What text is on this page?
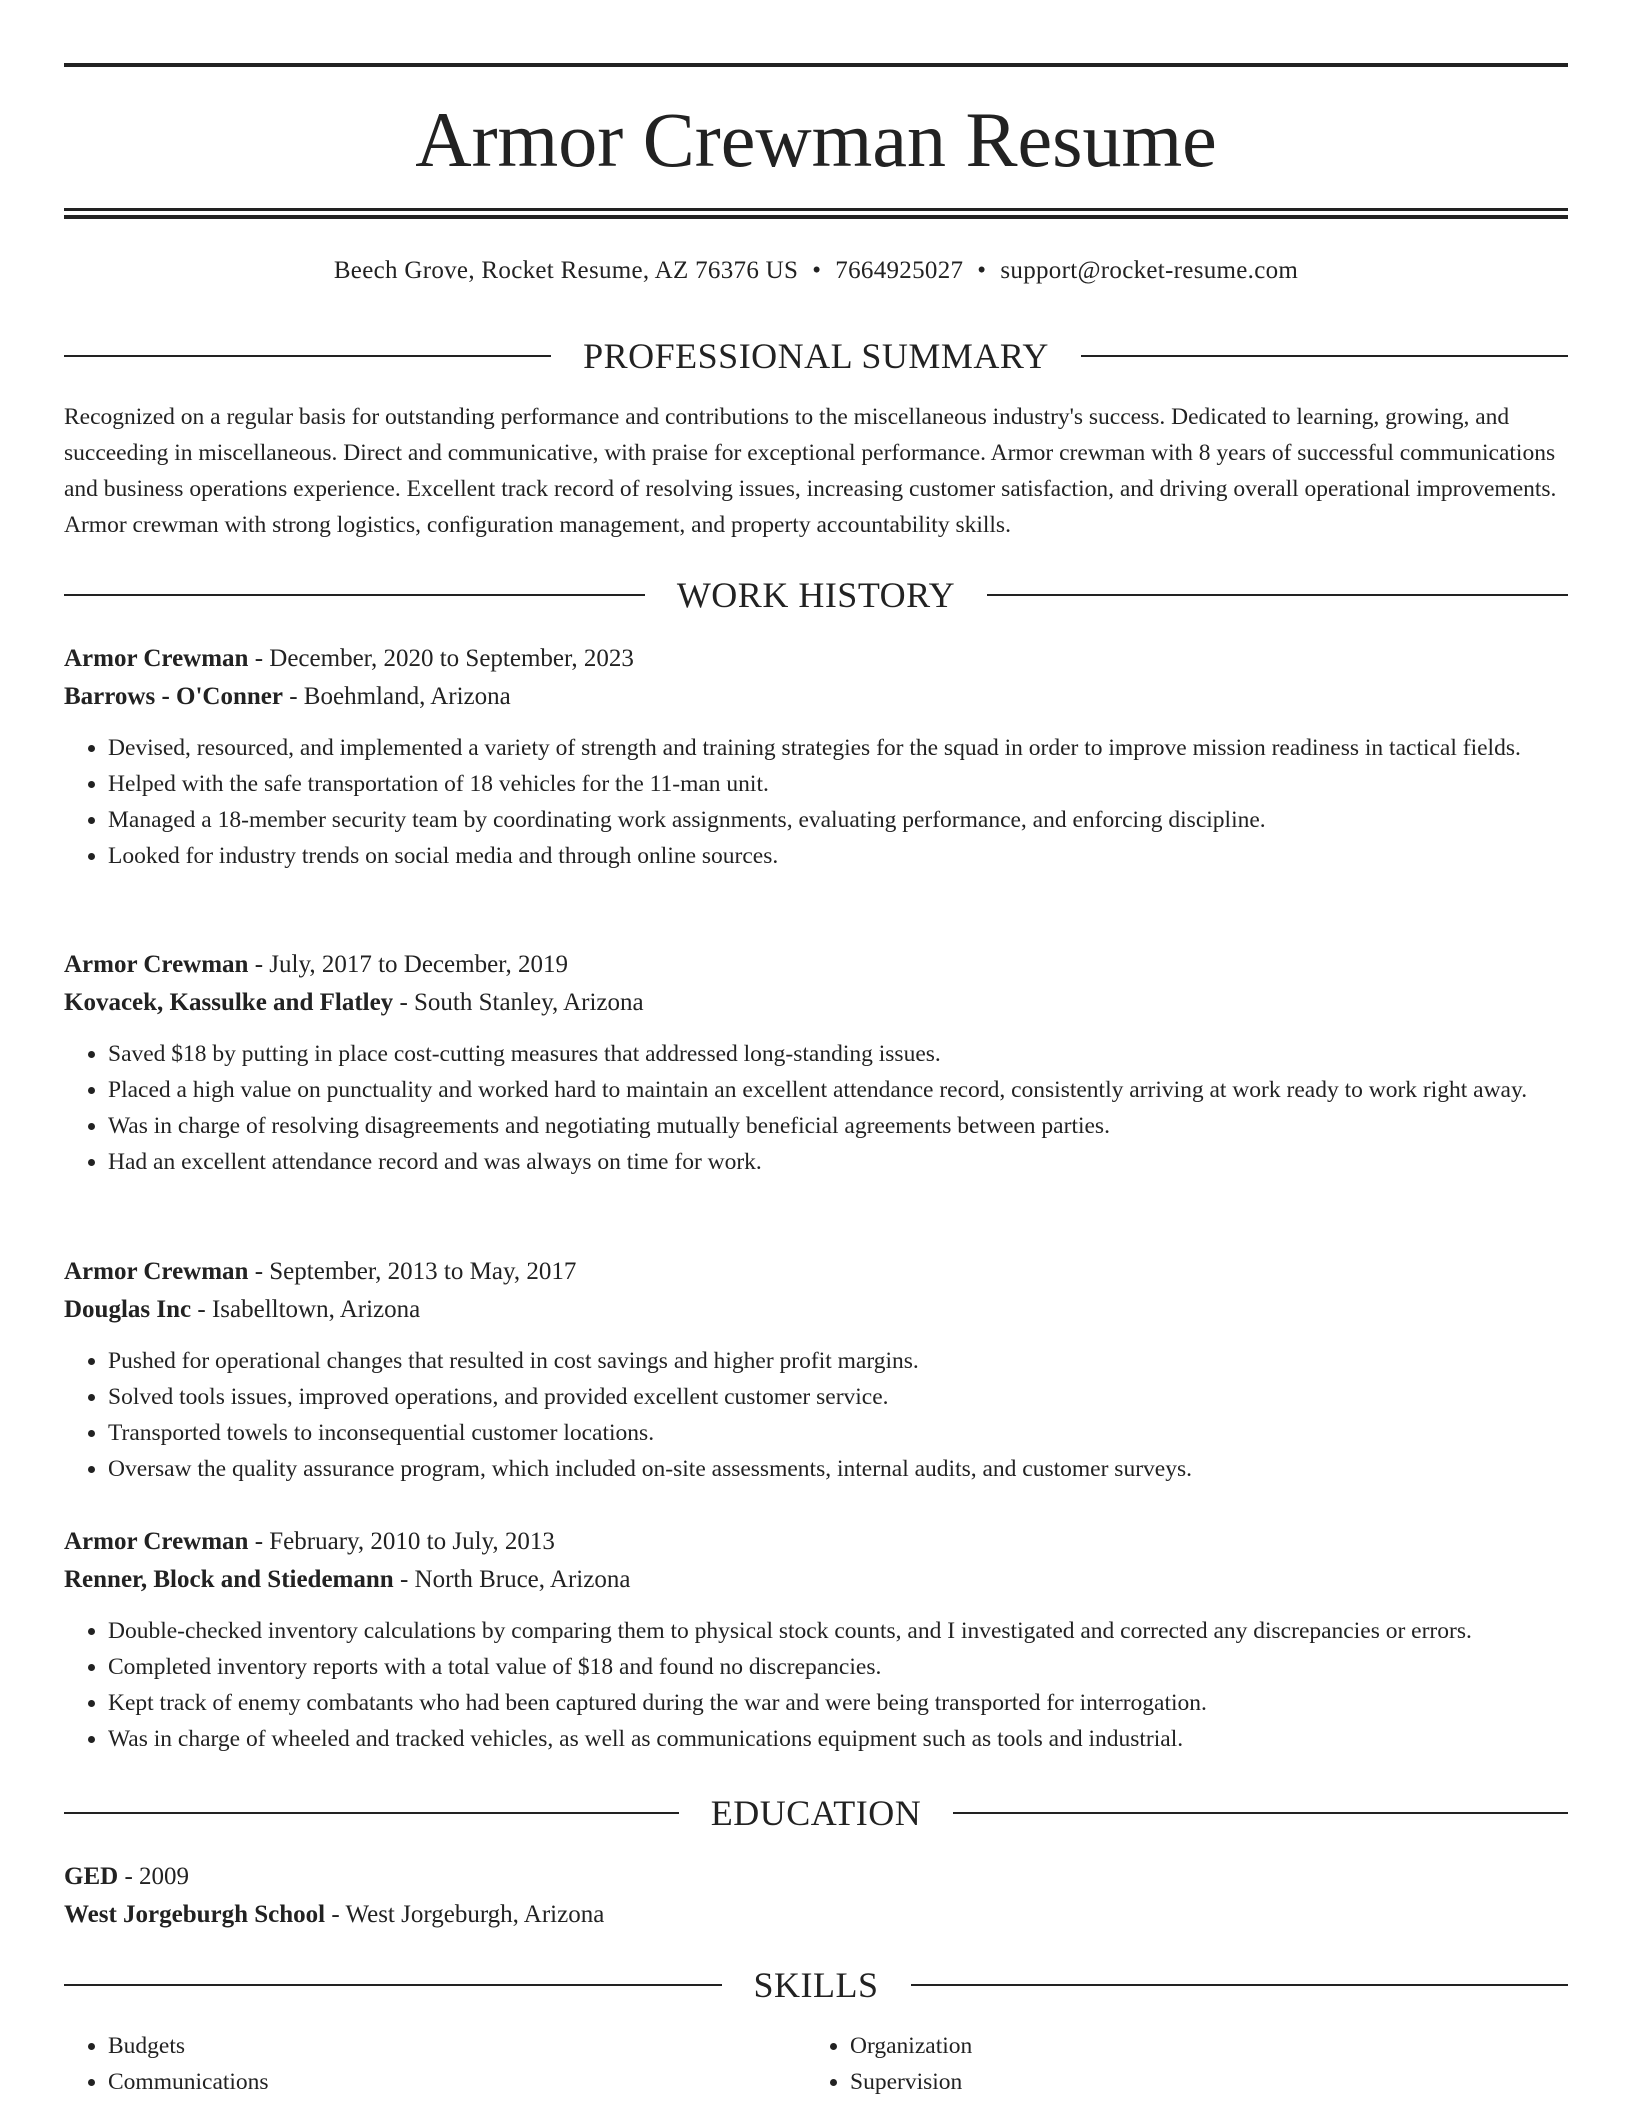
Armor Crewman Resume
Beech Grove, Rocket Resume, AZ 76376 US • 7664925027 • support@rocket-resume.com
PROFESSIONAL SUMMARY

Recognized on a regular basis for outstanding performance and contributions to the miscellaneous industry's success. Dedicated to learning, growing, and succeeding in miscellaneous. Direct and communicative, with praise for exceptional performance. Armor crewman with 8 years of successful communications and business operations experience. Excellent track record of resolving issues, increasing customer satisfaction, and driving overall operational improvements. Armor crewman with strong logistics, configuration management, and property accountability skills.

WORK HISTORY

Armor Crewman - December, 2020 to September, 2023

Barrows - O'Conner - Boehmland, Arizona

• Devised, resourced, and implemented a variety of strength and training strategies for the squad in order to improve mission readiness in tactical fields.
• Helped with the safe transportation of 18 vehicles for the 11-man unit.
• Managed a 18-member security team by coordinating work assignments, evaluating performance, and enforcing discipline.
• Looked for industry trends on social media and through online sources.

Armor Crewman - July, 2017 to December, 2019

Kovacek, Kassulke and Flatley - South Stanley, Arizona

• Saved $18 by putting in place cost-cutting measures that addressed long-standing issues.
• Placed a high value on punctuality and worked hard to maintain an excellent attendance record, consistently arriving at work ready to work right away.
• Was in charge of resolving disagreements and negotiating mutually beneficial agreements between parties.
• Had an excellent attendance record and was always on time for work.

Armor Crewman - September, 2013 to May, 2017

Douglas Inc - Isabelltown, Arizona

• Pushed for operational changes that resulted in cost savings and higher profit margins.
• Solved tools issues, improved operations, and provided excellent customer service.
• Transported towels to inconsequential customer locations.
• Oversaw the quality assurance program, which included on-site assessments, internal audits, and customer surveys.

Armor Crewman - February, 2010 to July, 2013

Renner, Block and Stiedemann - North Bruce, Arizona

• Double-checked inventory calculations by comparing them to physical stock counts, and I investigated and corrected any discrepancies or errors.
• Completed inventory reports with a total value of $18 and found no discrepancies.
• Kept track of enemy combatants who had been captured during the war and were being transported for interrogation.
• Was in charge of wheeled and tracked vehicles, as well as communications equipment such as tools and industrial.
EDUCATION

GED - 2009

West Jorgeburgh School - West Jorgeburgh, Arizona

SKILLS
• Budgets
• Communications
• Organization
• Supervision
